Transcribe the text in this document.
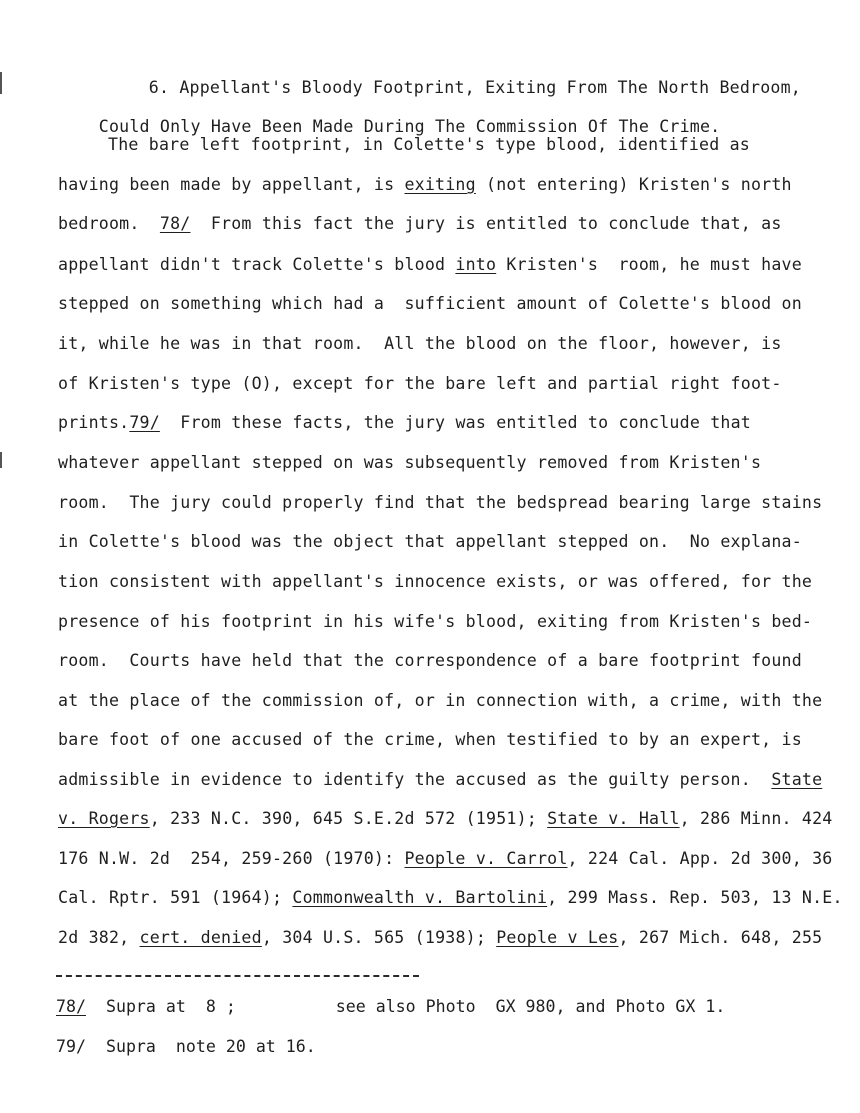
6. Appellant's Bloody Footprint, Exiting From The North Bedroom,

Could Only Have Been Made During The Commission Of The Crime.

The bare left footprint, in Colette's type blood, identified as
having been made by appellant, is exiting (not entering) Kristen's north
bedroom.  78/  From this fact the jury is entitled to conclude that, as
appellant didn't track Colette's blood into Kristen's  room, he must have
stepped on something which had a  sufficient amount of Colette's blood on
it, while he was in that room.  All the blood on the floor, however, is
of Kristen's type (O), except for the bare left and partial right foot-
prints.79/  From these facts, the jury was entitled to conclude that
whatever appellant stepped on was subsequently removed from Kristen's
room.  The jury could properly find that the bedspread bearing large stains
in Colette's blood was the object that appellant stepped on.  No explana-
tion consistent with appellant's innocence exists, or was offered, for the
presence of his footprint in his wife's blood, exiting from Kristen's bed-
room.  Courts have held that the correspondence of a bare footprint found
at the place of the commission of, or in connection with, a crime, with the
bare foot of one accused of the crime, when testified to by an expert, is
admissible in evidence to identify the accused as the guilty person.  State
v. Rogers, 233 N.C. 390, 645 S.E.2d 572 (1951); State v. Hall, 286 Minn. 424
176 N.W. 2d  254, 259-260 (1970): People v. Carrol, 224 Cal. App. 2d 300, 36
Cal. Rptr. 591 (1964); Commonwealth v. Bartolini, 299 Mass. Rep. 503, 13 N.E.
2d 382, cert. denied, 304 U.S. 565 (1938); People v Les, 267 Mich. 648, 255
78/  Supra at  8 ;          see also Photo  GX 980, and Photo GX 1.
79/  Supra  note 20 at 16.
